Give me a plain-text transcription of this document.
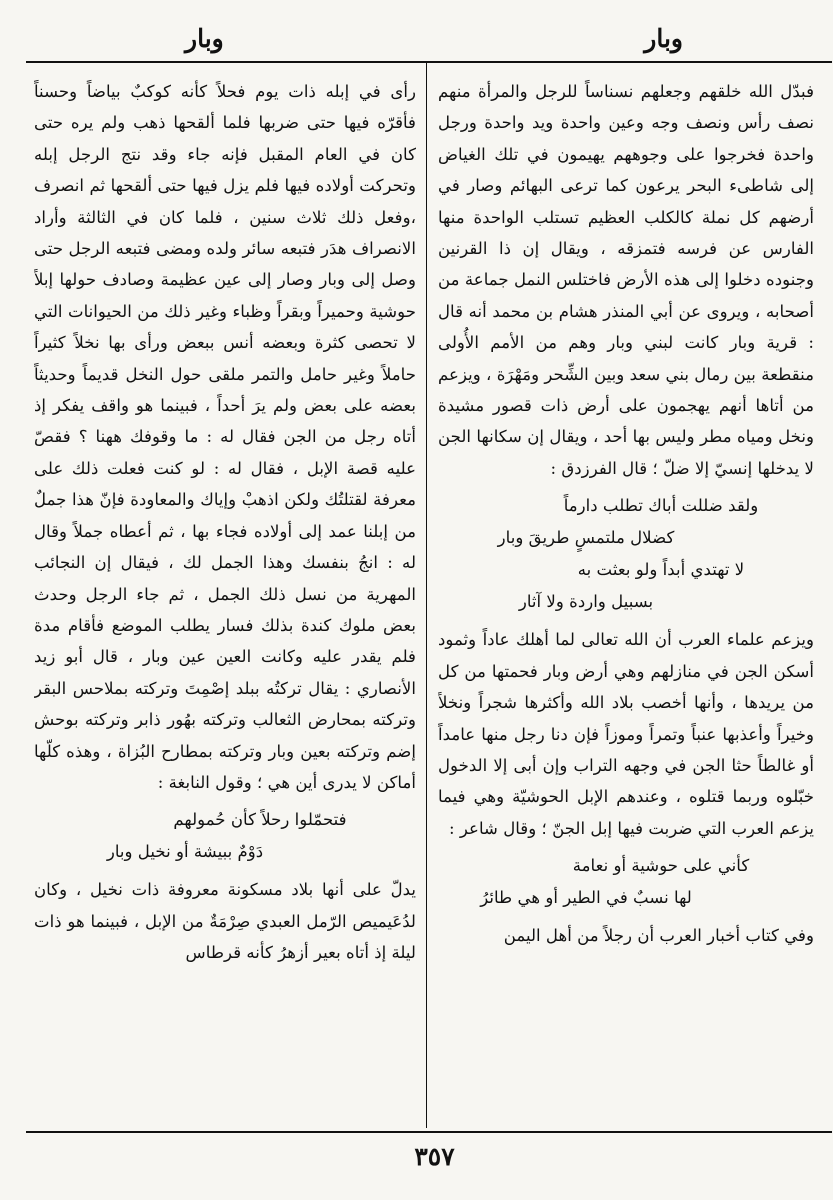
وبار
وبار

فبدّل الله خلقهم وجعلهم نسناساً للرجل والمرأة منهم نصف رأس ونصف وجه وعين واحدة ويد واحدة ورجل واحدة فخرجوا على وجوههم يهيمون في تلك الغياض إلى شاطىء البحر يرعون كما ترعى البهائم وصار في أرضهم كل نملة كالكلب العظيم تستلب الواحدة منها الفارس عن فرسه فتمزقه ، ويقال إن ذا القرنين وجنوده دخلوا إلى هذه الأرض فاختلس النمل جماعة من أصحابه ، ويروى عن أبي المنذر هشام بن محمد أنه قال : قرية وبار كانت لبني وبار وهم من الأمم الأُولى منقطعة بين رمال بني سعد وبين الشِّحر ومَهْرَة ، ويزعم من أتاها أنهم يهجمون على أرض ذات قصور مشيدة ونخل ومياه مطر وليس بها أحد ، ويقال إن سكانها الجن لا يدخلها إنسيّ إلا ضلّ ؛ قال الفرزدق :

ولقد ضللت أباك تطلب دارماً
كضلال ملتمسٍ طريقَ وبار
لا تهتدي أبداً ولو بعثت به
بسبيل واردة ولا آثار

ويزعم علماء العرب أن الله تعالى لما أهلك عاداً وثمود أسكن الجن في منازلهم وهي أرض وبار فحمتها من كل من يريدها ، وأنها أخصب بلاد الله وأكثرها شجراً ونخلاً وخيراً وأعذبها عنباً وتمراً وموزاً فإن دنا رجل منها عامداً أو غالطاً حثا الجن في وجهه التراب وإن أبى إلا الدخول خبّلوه وربما قتلوه ، وعندهم الإبل الحوشيّة وهي فيما يزعم العرب التي ضربت فيها إبل الجنّ ؛ وقال شاعر :

كأني على حوشية أو نعامة
لها نسبٌ في الطير أو هي طائرُ

وفي كتاب أخبار العرب أن رجلاً من أهل اليمن

رأى في إبله ذات يوم فحلاً كأنه كوكبٌ بياضاً وحسناً فأقرّه فيها حتى ضربها فلما ألقحها ذهب ولم يره حتى كان في العام المقبل فإنه جاء وقد نتج الرجل إبله وتحركت أولاده فيها فلم يزل فيها حتى ألقحها ثم انصرف ،وفعل ذلك ثلاث سنين ، فلما كان في الثالثة وأراد الانصراف هدَر فتبعه سائر ولده ومضى فتبعه الرجل حتى وصل إلى وبار وصار إلى عين عظيمة وصادف حولها إبلاً حوشية وحميراً وبقراً وظباء وغير ذلك من الحيوانات التي لا تحصى كثرة وبعضه أنس ببعض ورأى بها نخلاً كثيراً حاملاً وغير حامل والتمر ملقى حول النخل قديماً وحديثاً بعضه على بعض ولم يرَ أحداً ، فبينما هو واقف يفكر إذ أتاه رجل من الجن فقال له : ما وقوفك ههنا ؟ فقصّ عليه قصة الإبل ، فقال له : لو كنت فعلت ذلك على معرفة لقتلتُك ولكن اذهبْ وإياك والمعاودة فإنّ هذا جملٌ من إبلنا عمد إلى أولاده فجاء بها ، ثم أعطاه جملاً وقال له : انجُ بنفسك وهذا الجمل لك ، فيقال إن النجائب المهرية من نسل ذلك الجمل ، ثم جاء الرجل وحدث بعض ملوك كندة بذلك فسار يطلب الموضع فأقام مدة فلم يقدر عليه وكانت العين عين وبار ، قال أبو زيد الأنصاري : يقال تركتُه ببلد إصْمِتَ وتركته بملاحس البقر وتركته بمحارض الثعالب وتركته بهُور ذابر وتركته بوحش إضم وتركته بعين وبار وتركته بمطارح البُزاة ، وهذه كلّها أماكن لا يدرى أين هي ؛ وقول النابغة :

فتحمّلوا رحلاً كأن حُمولهم
دَوْمٌ ببيشة أو نخيل وبار

يدلّ على أنها بلاد مسكونة معروفة ذات نخيل ، وكان لدُعَيميص الرّمل العبدي صِرْمَةٌ من الإبل ، فبينما هو ذات ليلة إذ أتاه بعير أزهرُ كأنه قرطاس

٣٥٧
